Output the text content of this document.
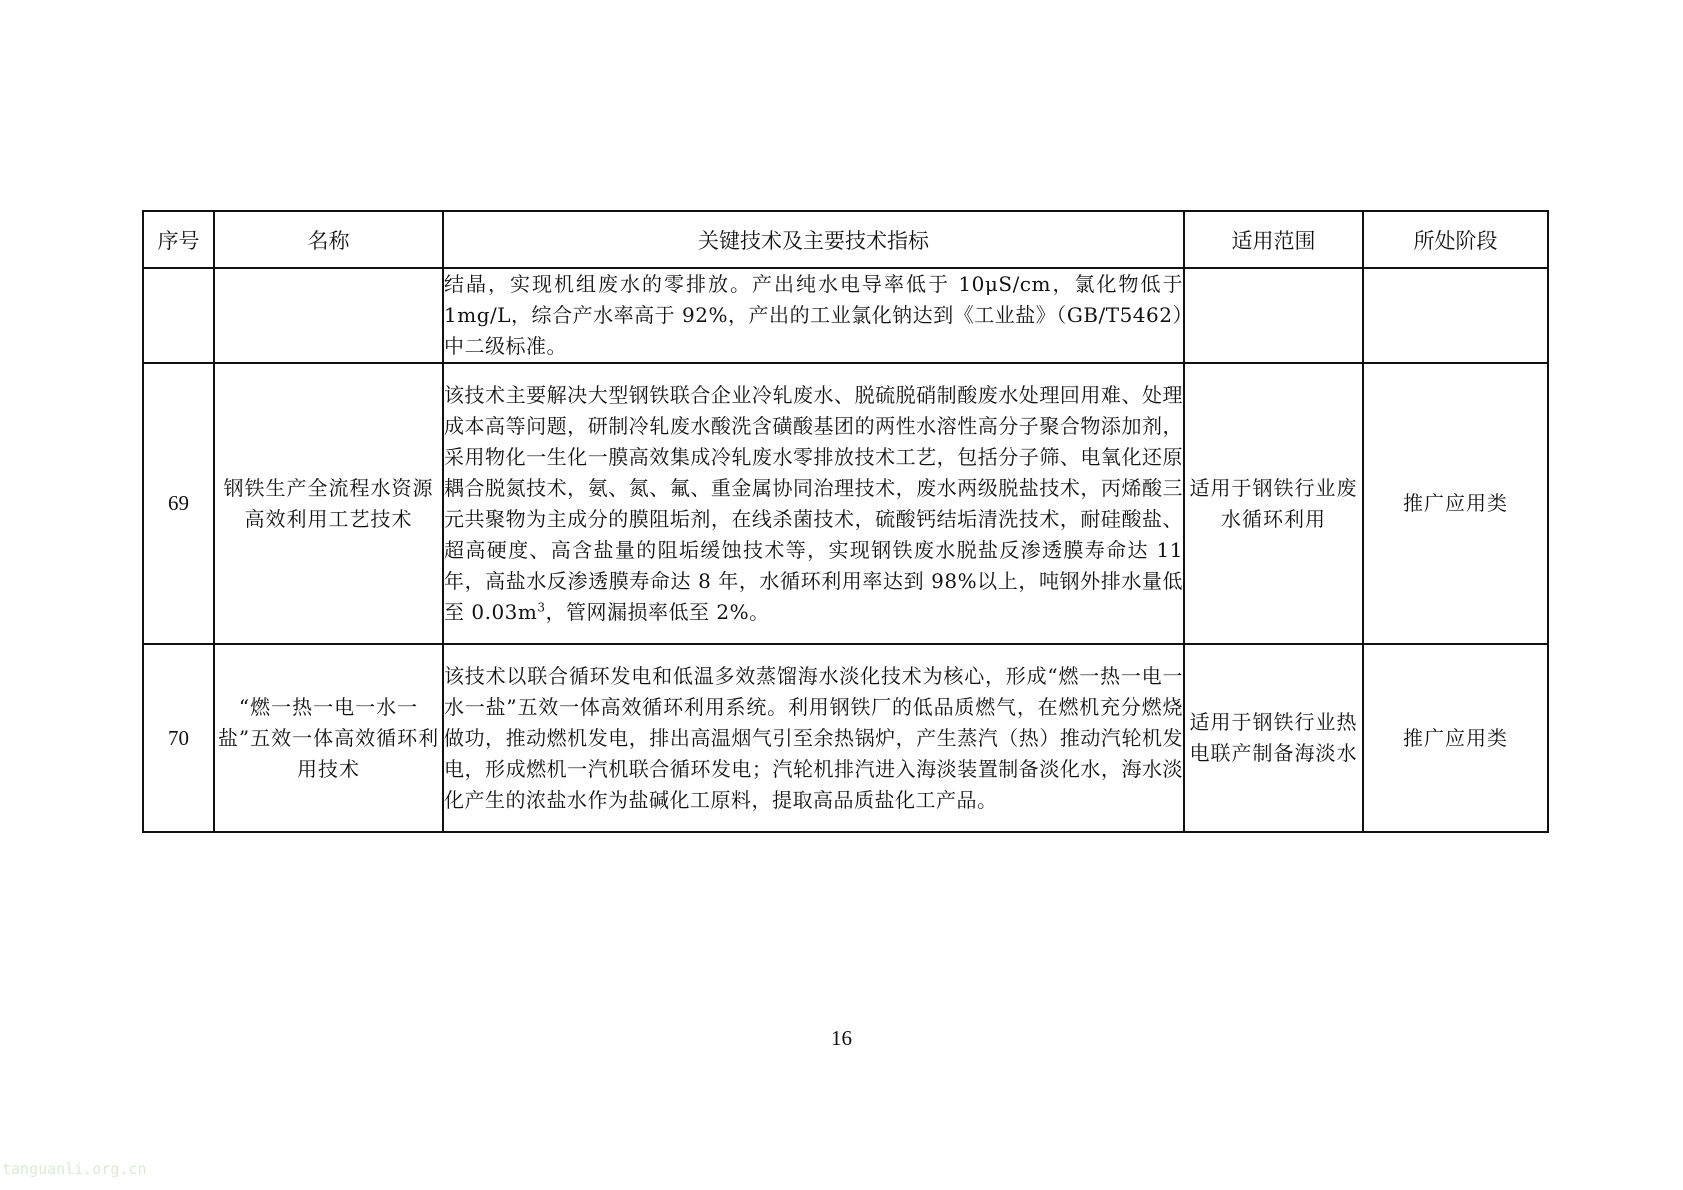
序号	名称	关键技术及主要技术指标	适用范围	所处阶段
		结晶，实现机组废水的零排放。产出纯水电导率低于 10μS/cm，氯化物低于 1mg/L，综合产水率高于 92%，产出的工业氯化钠达到《工业盐》（GB/T5462）中二级标准。		
69	钢铁生产全流程水资源高效利用工艺技术	该技术主要解决大型钢铁联合企业冷轧废水、脱硫脱硝制酸废水处理回用难、处理成本高等问题，研制冷轧废水酸洗含磺酸基团的两性水溶性高分子聚合物添加剂，采用物化一生化一膜高效集成冷轧废水零排放技术工艺，包括分子筛、电氧化还原耦合脱氮技术，氨、氮、氟、重金属协同治理技术，废水两级脱盐技术，丙烯酸三元共聚物为主成分的膜阻垢剂，在线杀菌技术，硫酸钙结垢清洗技术，耐硅酸盐、超高硬度、高含盐量的阻垢缓蚀技术等，实现钢铁废水脱盐反渗透膜寿命达 11 年，高盐水反渗透膜寿命达 8 年，水循环利用率达到 98%以上，吨钢外排水量低至 $0.03m^3$，管网漏损率低至 2%。	适用于钢铁行业废水循环利用	推广应用类
70	“燃一热一电一水一盐”五效一体高效循环利用技术	该技术以联合循环发电和低温多效蒸馏海水淡化技术为核心，形成“燃一热一电一水一盐”五效一体高效循环利用系统。利用钢铁厂的低品质燃气，在燃机充分燃烧做功，推动燃机发电，排出高温烟气引至余热锅炉，产生蒸汽（热）推动汽轮机发电，形成燃机一汽机联合循环发电；汽轮机排汽进入海淡装置制备淡化水，海水淡化产生的浓盐水作为盐碱化工原料，提取高品质盐化工产品。	适用于钢铁行业热电联产制备海淡水	推广应用类
16
tanguanli.org.cn
